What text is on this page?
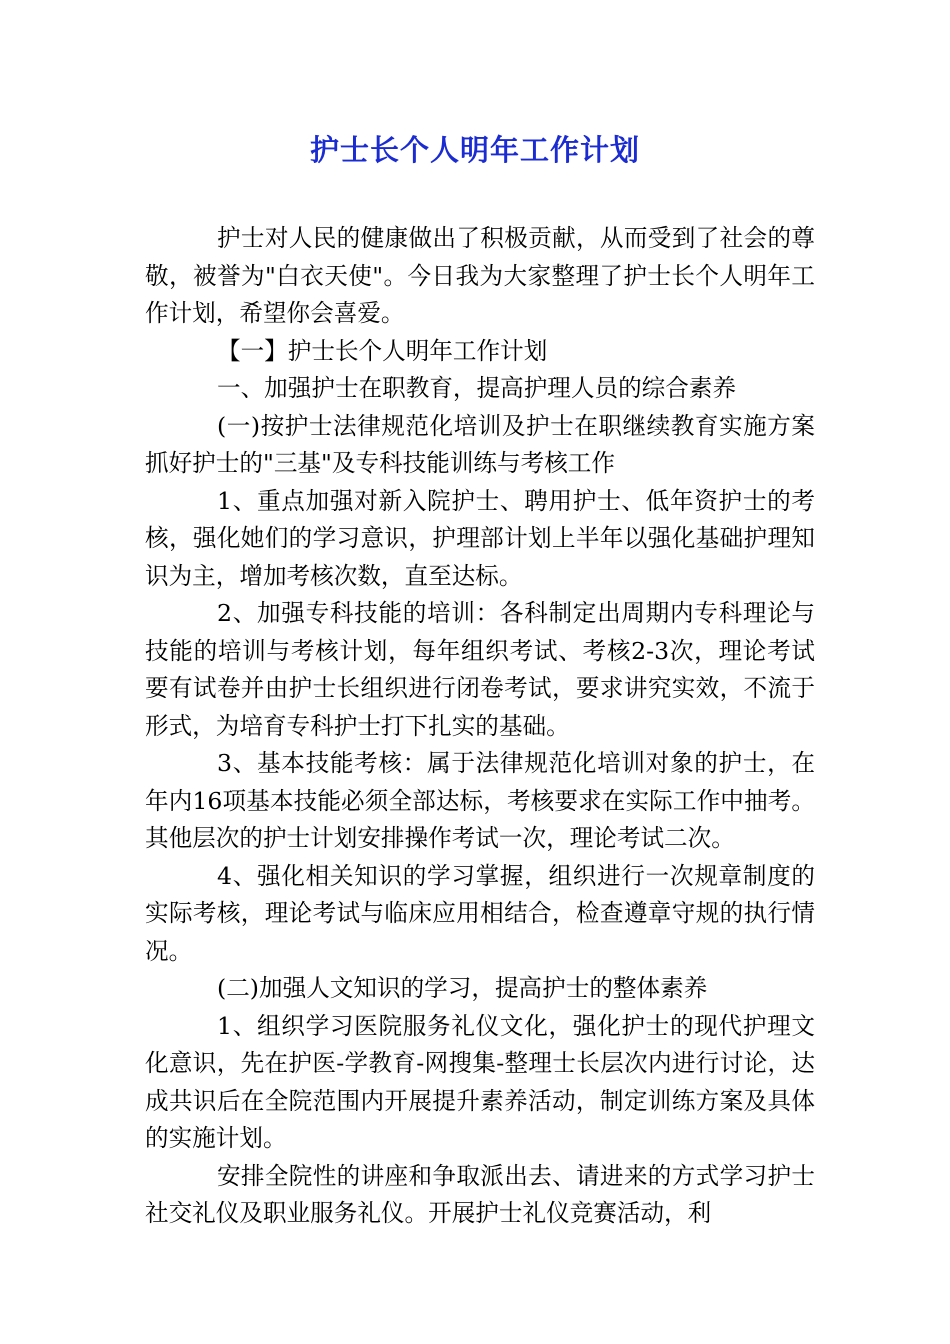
护士长个人明年工作计划

护士对人民的健康做出了积极贡献，从而受到了社会的尊敬，被誉为"白衣天使"。今日我为大家整理了护士长个人明年工作计划，希望你会喜爱。

【一】护士长个人明年工作计划

一、加强护士在职教育，提高护理人员的综合素养

(一)按护士法律规范化培训及护士在职继续教育实施方案抓好护士的"三基"及专科技能训练与考核工作

1、重点加强对新入院护士、聘用护士、低年资护士的考核，强化她们的学习意识，护理部计划上半年以强化基础护理知识为主，增加考核次数，直至达标。

2、加强专科技能的培训：各科制定出周期内专科理论与技能的培训与考核计划，每年组织考试、考核2-3次，理论考试要有试卷并由护士长组织进行闭卷考试，要求讲究实效，不流于形式，为培育专科护士打下扎实的基础。

3、基本技能考核：属于法律规范化培训对象的护士，在年内16项基本技能必须全部达标，考核要求在实际工作中抽考。其他层次的护士计划安排操作考试一次，理论考试二次。

4、强化相关知识的学习掌握，组织进行一次规章制度的实际考核，理论考试与临床应用相结合，检查遵章守规的执行情况。

(二)加强人文知识的学习，提高护士的整体素养

1、组织学习医院服务礼仪文化，强化护士的现代护理文化意识，先在护医-学教育-网搜集-整理士长层次内进行讨论，达成共识后在全院范围内开展提升素养活动，制定训练方案及具体的实施计划。

安排全院性的讲座和争取派出去、请进来的方式学习护士社交礼仪及职业服务礼仪。开展护士礼仪竞赛活动，利
